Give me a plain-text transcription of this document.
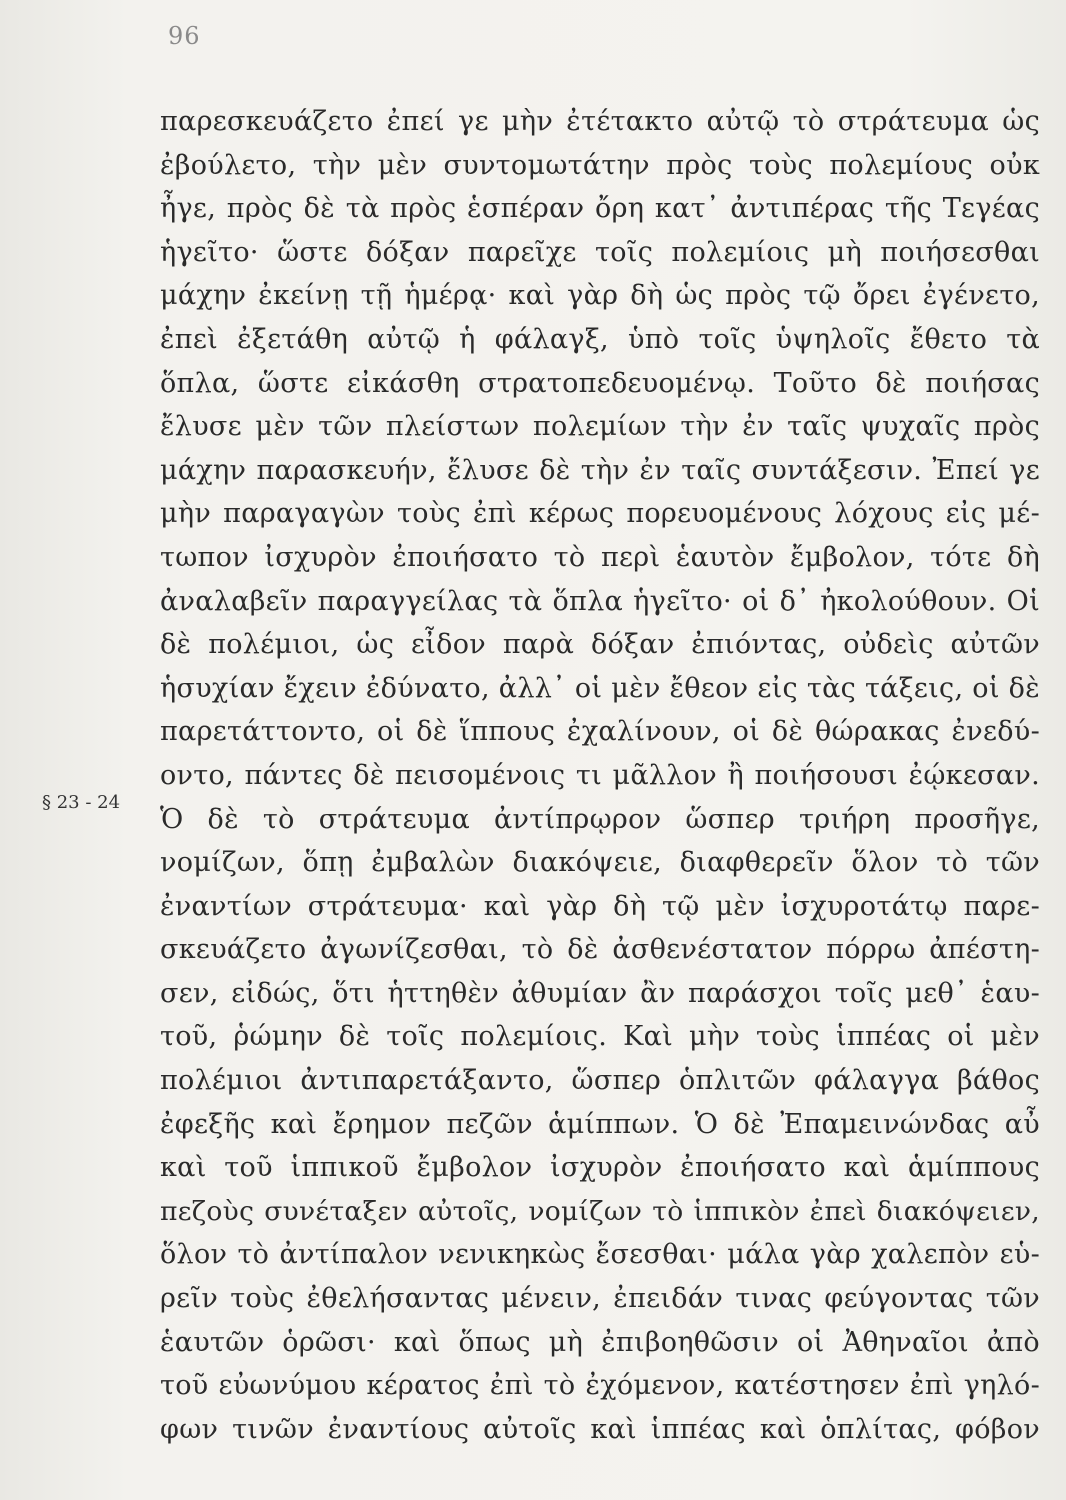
96
§ 23 - 24
παρεσκευάζετο ἐπεί γε μὴν ἐτέτακτο αὐτῷ τὸ στράτευμα ὡς
ἐβούλετο, τὴν μὲν συντομωτάτην πρὸς τοὺς πολεμίους οὐκ
ἦγε, πρὸς δὲ τὰ πρὸς ἑσπέραν ὄρη κατ᾽ ἀντιπέρας τῆς Τεγέας
ἡγεῖτο· ὥστε δόξαν παρεῖχε τοῖς πολεμίοις μὴ ποιήσεσθαι
μάχην ἐκείνῃ τῇ ἡμέρᾳ· καὶ γὰρ δὴ ὡς πρὸς τῷ ὄρει ἐγένετο,
ἐπεὶ ἐξετάθη αὐτῷ ἡ φάλαγξ, ὑπὸ τοῖς ὑψηλοῖς ἔθετο τὰ
ὅπλα, ὥστε εἰκάσθη στρατοπεδευομένῳ. Τοῦτο δὲ ποιήσας
ἔλυσε μὲν τῶν πλείστων πολεμίων τὴν ἐν ταῖς ψυχαῖς πρὸς
μάχην παρασκευήν, ἔλυσε δὲ τὴν ἐν ταῖς συντάξεσιν. Ἐπεί γε
μὴν παραγαγὼν τοὺς ἐπὶ κέρως πορευομένους λόχους εἰς μέ-
τωπον ἰσχυρὸν ἐποιήσατο τὸ περὶ ἑαυτὸν ἔμβολον, τότε δὴ
ἀναλαβεῖν παραγγείλας τὰ ὅπλα ἡγεῖτο· οἱ δ᾽ ἠκολούθουν. Οἱ
δὲ πολέμιοι, ὡς εἶδον παρὰ δόξαν ἐπιόντας, οὐδεὶς αὐτῶν
ἡσυχίαν ἔχειν ἐδύνατο, ἀλλ᾽ οἱ μὲν ἔθεον εἰς τὰς τάξεις, οἱ δὲ
παρετάττοντο, οἱ δὲ ἵππους ἐχαλίνουν, οἱ δὲ θώρακας ἐνεδύ-
οντο, πάντες δὲ πεισομένοις τι μᾶλλον ἢ ποιήσουσι ἐῴκεσαν.
Ὁ δὲ τὸ στράτευμα ἀντίπρῳρον ὥσπερ τριήρη προσῆγε,
νομίζων, ὅπῃ ἐμβαλὼν διακόψειε, διαφθερεῖν ὅλον τὸ τῶν
ἐναντίων στράτευμα· καὶ γὰρ δὴ τῷ μὲν ἰσχυροτάτῳ παρε-
σκευάζετο ἀγωνίζεσθαι, τὸ δὲ ἀσθενέστατον πόρρω ἀπέστη-
σεν, εἰδώς, ὅτι ἡττηθὲν ἀθυμίαν ἂν παράσχοι τοῖς μεθ᾽ ἑαυ-
τοῦ, ῥώμην δὲ τοῖς πολεμίοις. Καὶ μὴν τοὺς ἱππέας οἱ μὲν
πολέμιοι ἀντιπαρετάξαντο, ὥσπερ ὁπλιτῶν φάλαγγα βάθος
ἐφεξῆς καὶ ἔρημον πεζῶν ἁμίππων. Ὁ δὲ Ἐπαμεινώνδας αὖ
καὶ τοῦ ἱππικοῦ ἔμβολον ἰσχυρὸν ἐποιήσατο καὶ ἁμίππους
πεζοὺς συνέταξεν αὐτοῖς, νομίζων τὸ ἱππικὸν ἐπεὶ διακόψειεν,
ὅλον τὸ ἀντίπαλον νενικηκὼς ἔσεσθαι· μάλα γὰρ χαλεπὸν εὑ-
ρεῖν τοὺς ἐθελήσαντας μένειν, ἐπειδάν τινας φεύγοντας τῶν
ἑαυτῶν ὁρῶσι· καὶ ὅπως μὴ ἐπιβοηθῶσιν οἱ Ἀθηναῖοι ἀπὸ
τοῦ εὐωνύμου κέρατος ἐπὶ τὸ ἐχόμενον, κατέστησεν ἐπὶ γηλό-
φων τινῶν ἐναντίους αὐτοῖς καὶ ἱππέας καὶ ὁπλίτας, φόβον
